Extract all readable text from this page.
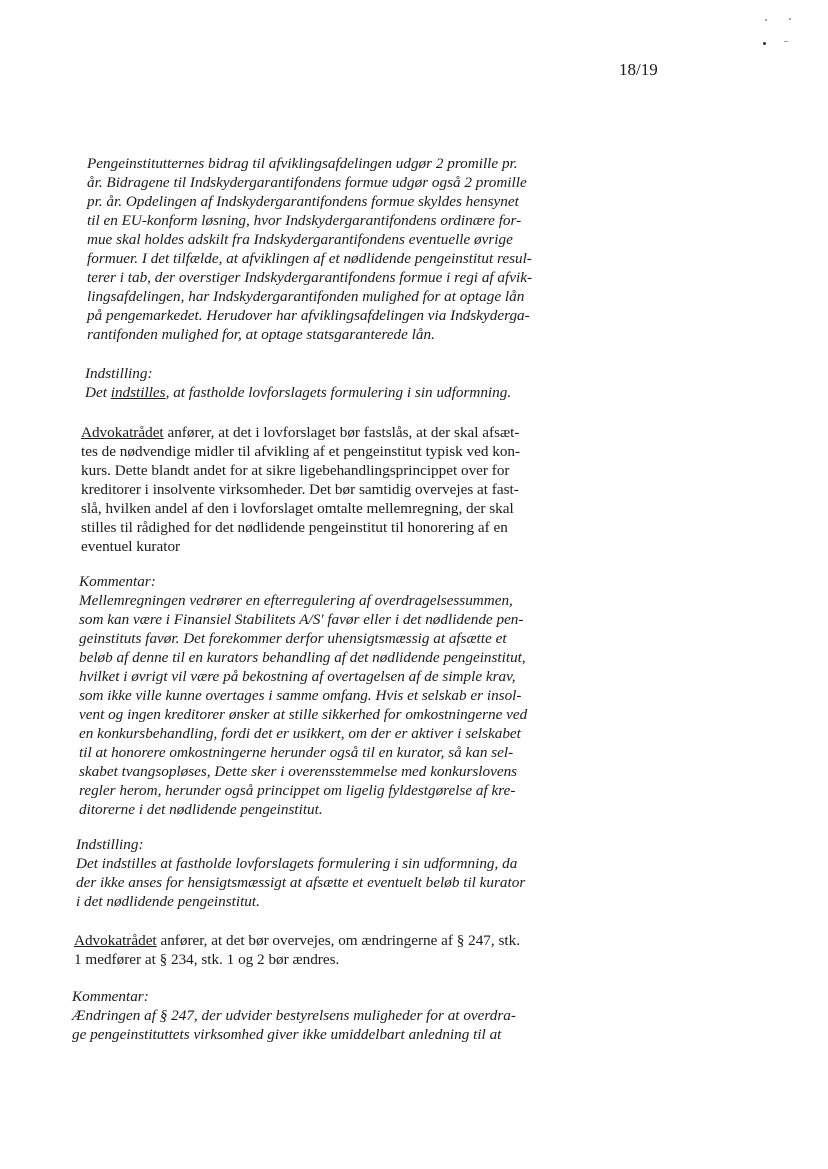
18/19
Pengeinstitutternes bidrag til afviklingsafdelingen udgør 2 promille pr.
år. Bidragene til Indskydergarantifondens formue udgør også 2 promille
pr. år. Opdelingen af Indskydergarantifondens formue skyldes hensynet
til en EU-konform løsning, hvor Indskydergarantifondens ordinære for-
mue skal holdes adskilt fra Indskydergarantifondens eventuelle øvrige
formuer. I det tilfælde, at afviklingen af et nødlidende pengeinstitut resul-
terer i tab, der overstiger Indskydergarantifondens formue i regi af afvik-
lingsafdelingen, har Indskydergarantifonden mulighed for at optage lån
på pengemarkedet. Herudover har afviklingsafdelingen via Indskyderga-
rantifonden mulighed for, at optage statsgaranterede lån.
Indstilling:
Det indstilles, at fastholde lovforslagets formulering i sin udformning.
Advokatrådet anfører, at det i lovforslaget bør fastslås, at der skal afsæt-
tes de nødvendige midler til afvikling af et pengeinstitut typisk ved kon-
kurs. Dette blandt andet for at sikre ligebehandlingsprincippet over for
kreditorer i insolvente virksomheder. Det bør samtidig overvejes at fast-
slå, hvilken andel af den i lovforslaget omtalte mellemregning, der skal
stilles til rådighed for det nødlidende pengeinstitut til honorering af en
eventuel kurator
Kommentar:
Mellemregningen vedrører en efterregulering af overdragelsessummen,
som kan være i Finansiel Stabilitets A/S' favør eller i det nødlidende pen-
geinstituts favør. Det forekommer derfor uhensigtsmæssig at afsætte et
beløb af denne til en kurators behandling af det nødlidende pengeinstitut,
hvilket i øvrigt vil være på bekostning af overtagelsen af de simple krav,
som ikke ville kunne overtages i samme omfang. Hvis et selskab er insol-
vent og ingen kreditorer ønsker at stille sikkerhed for omkostningerne ved
en konkursbehandling, fordi det er usikkert, om der er aktiver i selskabet
til at honorere omkostningerne herunder også til en kurator, så kan sel-
skabet tvangsopløses, Dette sker i overensstemmelse med konkurslovens
regler herom, herunder også princippet om ligelig fyldestgørelse af kre-
ditorerne i det nødlidende pengeinstitut.
Indstilling:
Det indstilles at fastholde lovforslagets formulering i sin udformning, da
der ikke anses for hensigtsmæssigt at afsætte et eventuelt beløb til kurator
i det nødlidende pengeinstitut.
Advokatrådet anfører, at det bør overvejes, om ændringerne af § 247, stk.
1 medfører at § 234, stk. 1 og 2 bør ændres.
Kommentar:
Ændringen af § 247, der udvider bestyrelsens muligheder for at overdra-
ge pengeinstituttets virksomhed giver ikke umiddelbart anledning til at
